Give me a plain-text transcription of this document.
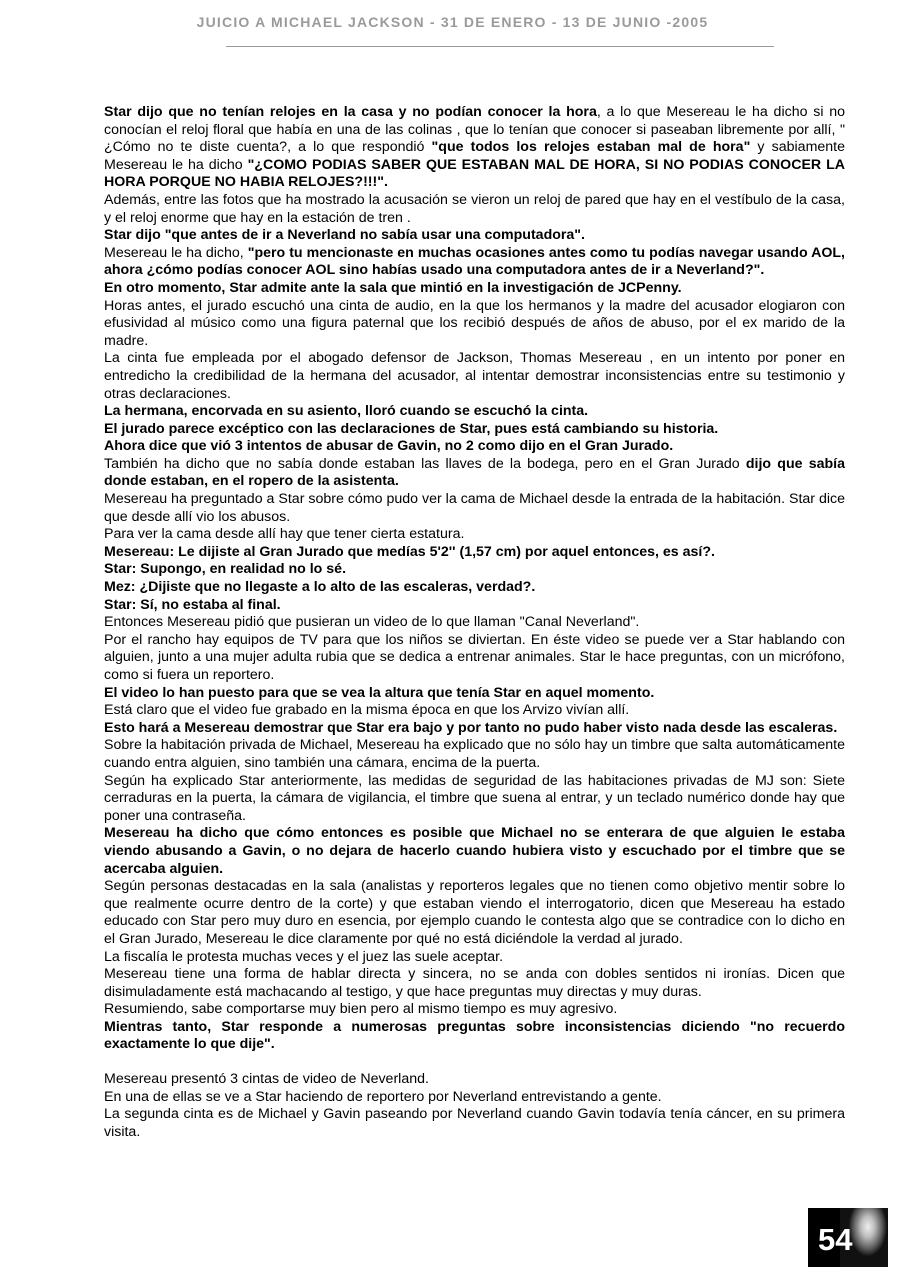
JUICIO A MICHAEL JACKSON - 31 DE ENERO - 13 DE JUNIO -2005

Star dijo que no tenían relojes en la casa y no podían conocer la hora, a lo que Mesereau le ha dicho si no conocían el reloj floral que había en una de las colinas , que lo tenían que conocer si paseaban libremente por allí, " ¿Cómo no te diste cuenta?, a lo que respondió "que todos los relojes estaban mal de hora" y sabiamente Mesereau le ha dicho "¿COMO PODIAS SABER QUE ESTABAN MAL DE HORA, SI NO PODIAS CONOCER LA HORA PORQUE NO HABIA RELOJES?!!!".

Además, entre las fotos que ha mostrado la acusación se vieron un reloj de pared que hay en el vestíbulo de la casa, y el reloj enorme que hay en la estación de tren .

Star dijo "que antes de ir a Neverland no sabía usar una computadora".

Mesereau le ha dicho, "pero tu mencionaste en muchas ocasiones antes como tu podías navegar usando AOL, ahora ¿cómo podías conocer AOL sino habías usado una computadora antes de ir a Neverland?".

En otro momento, Star admite ante la sala que mintió en la investigación de JCPenny.

Horas antes, el jurado escuchó una cinta de audio, en la que los hermanos y la madre del acusador elogiaron con efusividad al músico como una figura paternal que los recibió después de años de abuso, por el ex marido de la madre.

La cinta fue empleada por el abogado defensor de Jackson, Thomas Mesereau , en un intento por poner en entredicho la credibilidad de la hermana del acusador, al intentar demostrar inconsistencias entre su testimonio y otras declaraciones.

La hermana, encorvada en su asiento, lloró cuando se escuchó la cinta.

El jurado parece excéptico con las declaraciones de Star, pues está cambiando su historia.

Ahora dice que vió 3 intentos de abusar de Gavin, no 2 como dijo en el Gran Jurado.

También ha dicho que no sabía donde estaban las llaves de la bodega, pero en el Gran Jurado dijo que sabía donde estaban, en el ropero de la asistenta.

Mesereau ha preguntado a Star sobre cómo pudo ver la cama de Michael desde la entrada de la habitación. Star dice que desde allí vio los abusos.

Para ver la cama desde allí hay que tener cierta estatura.

Mesereau: Le dijiste al Gran Jurado que medías 5'2'' (1,57 cm) por aquel entonces, es así?.

Star: Supongo, en realidad no lo sé.

Mez: ¿Dijiste que no llegaste a lo alto de las escaleras, verdad?.

Star: Sí, no estaba al final.

Entonces Mesereau pidió que pusieran un video de lo que llaman "Canal Neverland".

Por el rancho hay equipos de TV para que los niños se diviertan. En éste video se puede ver a Star hablando con alguien, junto a una mujer adulta rubia que se dedica a entrenar animales. Star le hace preguntas, con un micrófono, como si fuera un reportero.

El video lo han puesto para que se vea la altura que tenía Star en aquel momento.

Está claro que el video fue grabado en la misma época en que los Arvizo vivían allí.

Esto hará a Mesereau demostrar que Star era bajo y por tanto no pudo haber visto nada desde las escaleras.

Sobre la habitación privada de Michael, Mesereau ha explicado que no sólo hay un timbre que salta automáticamente cuando entra alguien, sino también una cámara, encima de la puerta.

Según ha explicado Star anteriormente, las medidas de seguridad de las habitaciones privadas de MJ son: Siete cerraduras en la puerta, la cámara de vigilancia, el timbre que suena al entrar, y un teclado numérico donde hay que poner una contraseña.

Mesereau ha dicho que cómo entonces es posible que Michael no se enterara de que alguien le estaba viendo abusando a Gavin, o no dejara de hacerlo cuando hubiera visto y escuchado por el timbre que se acercaba alguien.

Según personas destacadas en la sala (analistas y reporteros legales que no tienen como objetivo mentir sobre lo que realmente ocurre dentro de la corte) y que estaban viendo el interrogatorio, dicen que Mesereau ha estado educado con Star pero muy duro en esencia, por ejemplo cuando le contesta algo que se contradice con lo dicho en el Gran Jurado, Mesereau le dice claramente por qué no está diciéndole la verdad al jurado.

La fiscalía le protesta muchas veces y el juez las suele aceptar.

Mesereau tiene una forma de hablar directa y sincera, no se anda con dobles sentidos ni ironías. Dicen que disimuladamente está machacando al testigo, y que hace preguntas muy directas y muy duras.

Resumiendo, sabe comportarse muy bien pero al mismo tiempo es muy agresivo.

Mientras tanto, Star responde a numerosas preguntas sobre inconsistencias diciendo "no recuerdo exactamente lo que dije".

Mesereau presentó 3 cintas de video de Neverland.

En una de ellas se ve a Star haciendo de reportero por Neverland entrevistando a gente.

La segunda cinta es de Michael y Gavin paseando por Neverland cuando Gavin todavía tenía cáncer, en su primera visita.

54
